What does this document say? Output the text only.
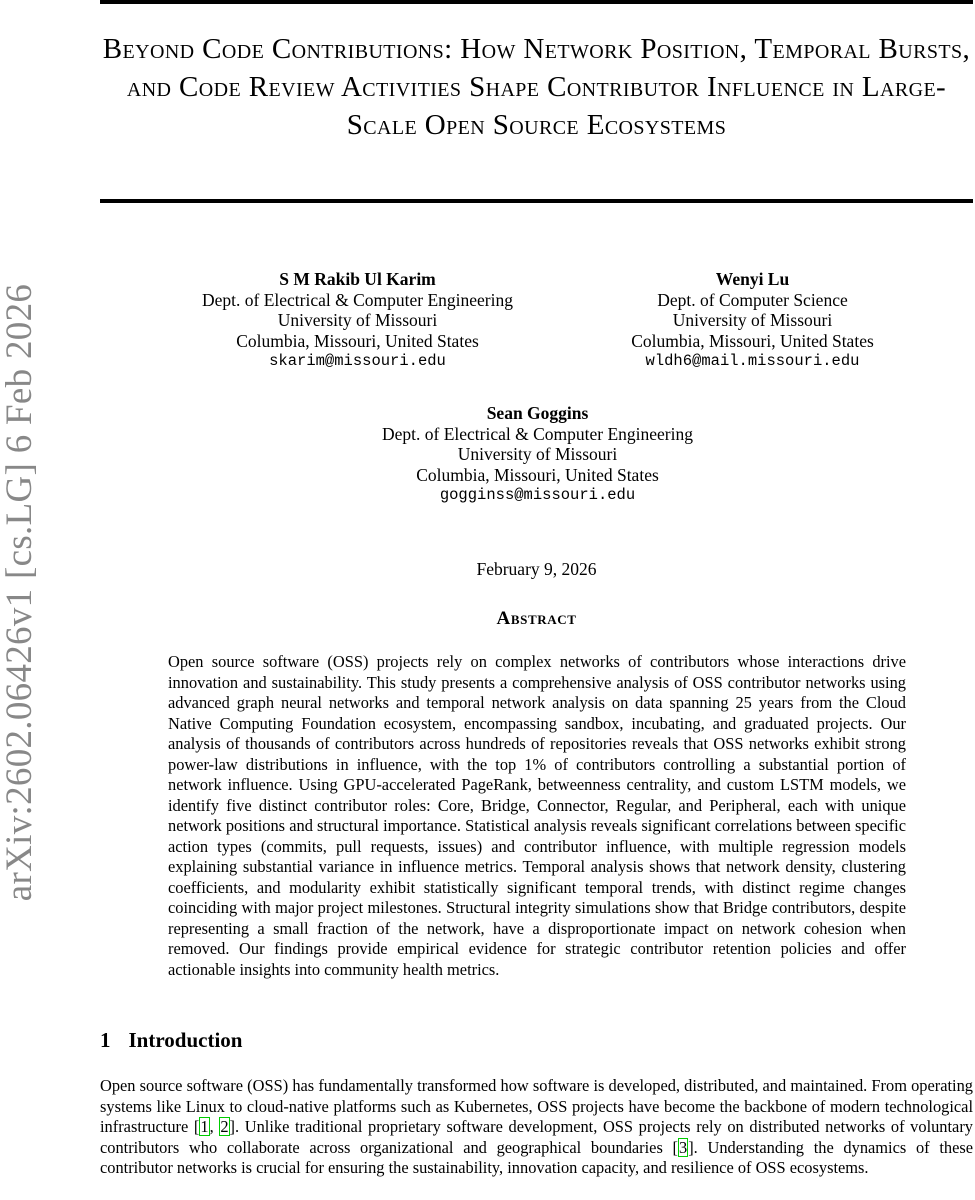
arXiv:2602.06426v1 [cs.LG] 6 Feb 2026
Beyond Code Contributions: How Network Position, Temporal Bursts, and Code Review Activities Shape Contributor Influence in Large-Scale Open Source Ecosystems
S M Rakib Ul Karim
Dept. of Electrical & Computer Engineering
University of Missouri
Columbia, Missouri, United States
skarim@missouri.edu
Wenyi Lu
Dept. of Computer Science
University of Missouri
Columbia, Missouri, United States
wldh6@mail.missouri.edu
Sean Goggins
Dept. of Electrical & Computer Engineering
University of Missouri
Columbia, Missouri, United States
gogginss@missouri.edu
February 9, 2026
Abstract

Open source software (OSS) projects rely on complex networks of contributors whose interactions drive innovation and sustainability. This study presents a comprehensive analysis of OSS contributor networks using advanced graph neural networks and temporal network analysis on data spanning 25 years from the Cloud Native Computing Foundation ecosystem, encompassing sandbox, incubating, and graduated projects. Our analysis of thousands of contributors across hundreds of repositories reveals that OSS networks exhibit strong power-law distributions in influence, with the top 1% of contributors controlling a substantial portion of network influence. Using GPU-accelerated PageRank, betweenness centrality, and custom LSTM models, we identify five distinct contributor roles: Core, Bridge, Connector, Regular, and Peripheral, each with unique network positions and structural importance. Statistical analysis reveals significant correlations between specific action types (commits, pull requests, issues) and contributor influence, with multiple regression models explaining substantial variance in influence metrics. Temporal analysis shows that network density, clustering coefficients, and modularity exhibit statistically significant temporal trends, with distinct regime changes coinciding with major project milestones. Structural integrity simulations show that Bridge contributors, despite representing a small fraction of the network, have a disproportionate impact on network cohesion when removed. Our findings provide empirical evidence for strategic contributor retention policies and offer actionable insights into community health metrics.

1 Introduction

Open source software (OSS) has fundamentally transformed how software is developed, distributed, and maintained. From operating systems like Linux to cloud-native platforms such as Kubernetes, OSS projects have become the backbone of modern technological infrastructure [1, 2]. Unlike traditional proprietary software development, OSS projects rely on distributed networks of voluntary contributors who collaborate across organizational and geographical boundaries [3]. Understanding the dynamics of these contributor networks is crucial for ensuring the sustainability, innovation capacity, and resilience of OSS ecosystems.
